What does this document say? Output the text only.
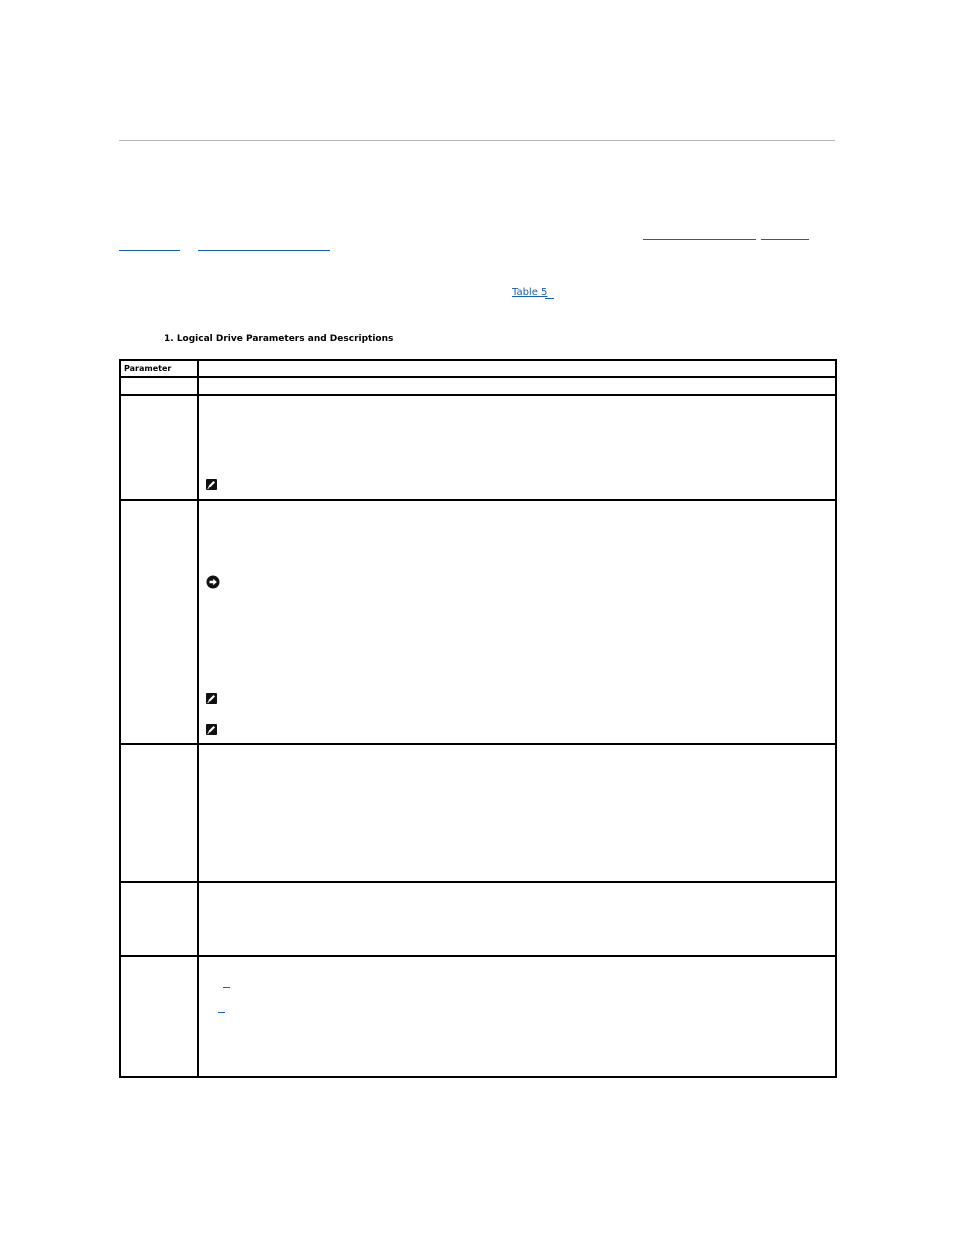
Table 5
1. Logical Drive Parameters and Descriptions
Parameter	
